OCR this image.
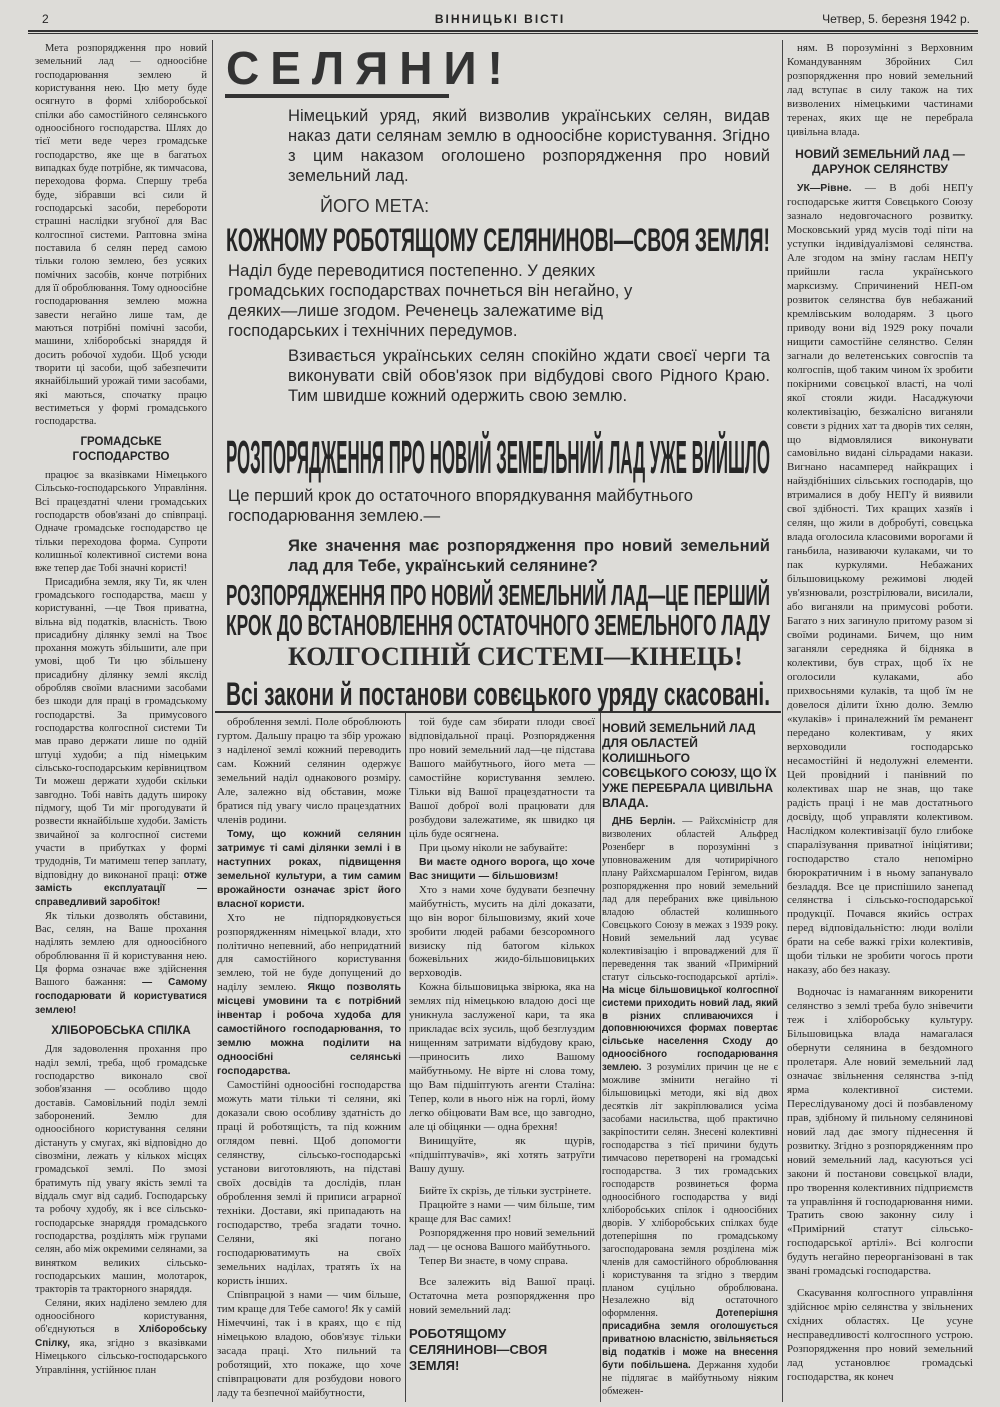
2	ВІННИЦЬКІ ВІСТІ	Четвер, 5. березня 1942 р.
СЕЛЯНИ!
Німецький уряд, який визволив українських селян, видав наказ дати селянам землю в одноосібне користування. Згідно з цим наказом оголошено розпорядження про новий земельний лад.
ЙОГО МЕТА:
КОЖНОМУ РОБОТЯЩОМУ СЕЛЯНИНОВІ—СВОЯ ЗЕМЛЯ!
Наділ буде переводитися постепенно. У деяких громадських господарствах почнеться він негайно, у деяких—лише згодом. Реченець залежатиме від господарських і технічних передумов.
Взивається українських селян спокійно ждати своєї черги та виконувати свій обов'язок при відбудові свого Рідного Краю. Тим швидше кожний одержить свою землю.
РОЗПОРЯДЖЕННЯ ПРО НОВИЙ ЗЕМЕЛЬНИЙ ЛАД УЖЕ ВИЙШЛО
Це перший крок до остаточного впорядкування майбутнього господарювання землею.—
Яке значення має розпорядження про новий земельний лад для Тебе, український селянине?
РОЗПОРЯДЖЕННЯ ПРО НОВИЙ ЗЕМЕЛЬНИЙ ЛАД—ЦЕ ПЕРШИЙ
КРОК ДО ВСТАНОВЛЕННЯ ОСТАТОЧНОГО ЗЕМЕЛЬНОГО ЛАДУ
КОЛГОСПНІЙ СИСТЕМІ—КІНЕЦЬ!
Всі закони й постанови совєцького уряду скасовані.

Мета розпорядження про новий земельний лад — одноосібне господарювання землею й користування нею. Цю мету буде осягнуто в формі хліборобської спілки або самостійного селянського одноосібного господарства. Шлях до тієї мети веде через громадське господарство, яке ще в багатьох випадках буде потрібне, як тимчасова, переходова форма. Спершу треба буде, зібравши всі сили й господарські засоби, перебороти страшні наслідки згубної для Вас колгоспної системи. Раптовна зміна поставила б селян перед самою тільки голою землею, без усяких помічних засобів, конче потрібних для її оброблювання. Тому одноосібне господарювання землею можна завести негайно лише там, де маються потрібні помічні засоби, машини, хліборобські знаряддя й досить робочої худоби. Щоб усюди творити ці засоби, щоб забезпечити якнайбільший урожай тими засобами, які маються, спочатку працю вестиметься у формі громадського господарства.

ГРОМАДСЬКЕ ГОСПОДАРСТВО

працює за вказівками Німецького Сільсько-господарського Управління. Всі працездатні члени громадських господарств обов'язані до співпраці. Одначе громадське господарство це тільки переходова форма. Супроти колишньої колективної системи вона вже тепер дає Тобі значні користі!

Присадибна земля, яку Ти, як член громадського господарства, маєш у користуванні, —це Твоя приватна, вільна від податків, власність. Твою присадибну ділянку землі на Твоє прохання можуть збільшити, але при умові, щоб Ти цю збільшену присадибну ділянку землі якслід обробляв своїми власними засобами без шкоди для праці в громадському господарстві. За примусового господарства колгоспної системи Ти мав право держати лише по одній штуці худоби; а під німецьким сільсько-господарським керівництвом Ти можеш держати худоби скільки завгодно. Тобі навіть дадуть широку підмогу, щоб Ти міг прогодувати й розвести якнайбільше худоби. Замість звичайної за колгоспної системи участи в прибутках у формі трудоднів, Ти матимеш тепер заплату, відповідну до виконаної праці: отже замість експлуатації — справедливий заробіток!

Як тільки дозволять обставини, Вас, селян, на Ваше прохання наділять землею для одноосібного оброблювання її й користування нею. Ця форма означає вже здійснення Вашого бажання: — Самому господарювати й користуватися землею!

ХЛІБОРОБСЬКА СПІЛКА

Для задоволення прохання про наділ землі, треба, щоб громадське господарство виконало свої зобов'язання — особливо щодо доставів. Самовільний поділ землі заборонений. Землю для одноосібного користування селяни дістануть у смугах, які відповідно до сівозміни, лежать у кількох місцях громадської землі. По змозі братимуть під увагу якість землі та віддаль смуг від садиб. Господарську та робочу худобу, як і все сільсько-господарське знаряддя громадського господарства, розділять між групами селян, або між окремими селянами, за винятком великих сільсько-господарських машин, молотарок, тракторів та тракторного знаряддя.

Селяни, яких наділено землею для одноосібного користування, об'єднуються в Хліборобську Спілку, яка, згідно з вказівками Німецького сільсько-господарського Управління, устійнює план

оброблення землі. Поле оброблюють гуртом. Дальшу працю та збір урожаю з наділеної землі кожний переводить сам. Кожний селянин одержує земельний наділ однакового розміру. Але, залежно від обставин, може братися під увагу число працездатних членів родини.

Тому, що кожний селянин затримує ті самі ділянки землі і в наступних роках, підвищення земельної культури, а тим самим врожайности означає зріст його власної користи.

Хто не підпорядковується розпорядженням німецької влади, хто політично непевний, або непридатний для самостійного користування землею, той не буде допущений до наділу землею. Якщо позволять місцеві умовини та є потрібний інвентар і робоча худоба для самостійного господарювання, то землю можна поділити на одноосібні селянські господарства.

Самостійні одноосібні господарства можуть мати тільки ті селяни, які доказали свою особливу здатність до праці й роботящість, та під кожним оглядом певні. Щоб допомогти селянству, сільсько-господарські установи виготовляють, на підставі своїх досвідів та дослідів, план оброблення землі й приписи аграрної техніки. Достави, які припадають на господарство, треба згадати точно. Селяни, які погано господарюватимуть на своїх земельних наділах, тратять їх на користь інших.

Співпрацюй з нами — чим більше, тим краще для Тебе самого! Як у самій Німеччині, так і в краях, що є під німецькою владою, обов'язує тільки засада праці. Хто пильний та роботящий, хто покаже, що хоче співпрацювати для розбудови нового ладу та безпечної майбутности,

той буде сам збирати плоди своєї відповідальної праці. Розпорядження про новий земельний лад—це підстава Вашого майбутнього, його мета — самостійне користування землею. Тільки від Вашої працездатности та Вашої доброї волі працювати для розбудови залежатиме, як швидко ця ціль буде осягнена.

При цьому ніколи не забувайте:

Ви маєте одного ворога, що хоче Вас знищити — більшовизм!

Хто з нами хоче будувати безпечну майбутність, мусить на ділі доказати, що він ворог більшовизму, який хоче зробити людей рабами безсоромного визиску під батогом кількох божевільних жидо-більшовицьких верховодів.

Кожна більшовицька звірюка, яка на землях під німецькою владою досі ще уникнула заслуженої кари, та яка прикладає всіх зусиль, щоб безглуздим нищенням затримати відбудову краю,—приносить лихо Вашому майбутньому. Не вірте ні слова тому, що Вам підшіптують агенти Сталіна: Тепер, коли в нього ніж на горлі, йому легко обіцювати Вам все, що завгодно, але ці обіцянки — одна брехня!

Винищуйте, як щурів, «підшіптувачів», які хотять затруїти Вашу душу.

Бийте їх скрізь, де тільки зустрінете.

Працюйте з нами — чим більше, тим краще для Вас самих!

Розпорядження про новий земельний лад — це основа Вашого майбутнього.

Тепер Ви знаєте, в чому справа.

Все залежить від Вашої праці. Остаточна мета розпорядження про новий земельний лад:

РОБОТЯЩОМУ СЕЛЯНИНОВІ—СВОЯ ЗЕМЛЯ!
НОВИЙ ЗЕМЕЛЬНИЙ ЛАД ДЛЯ ОБЛАСТЕЙ КОЛИШНЬОГО СОВЄЦЬКОГО СОЮЗУ, ЩО ЇХ УЖЕ ПЕРЕБРАЛА ЦИВІЛЬНА ВЛАДА.

ДНБ Берлін. — Райхсміністр для визволених областей Альфред Розенберг в порозумінні з уповноваженим для чотирирічного плану Райхсмаршалом Герінгом, видав розпорядження про новий земельний лад для перебраних вже цивільною владою областей колишнього Совєцького Союзу в межах з 1939 року. Новий земельний лад усуває колективізацію і впроваджений для її переведення так званий «Примірний статут сільсько-господарської артілі». На місце більшовицької колгоспної системи приходить новий лад, який в різних спливаючихся і доповнюючихся формах повертає сільське населення Сходу до одноосібного господарювання землею. З розумілих причин це не є можливе змінити негайно ті більшовицькі методи, які від двох десятків літ закріплювалися усіма засобами насильства, щоб практично закріпостити селян. Знесені колективні господарства з тієї причини будуть тимчасово перетворені на громадські господарства. З тих громадських господарств розвинеться форма одноосібного господарства у виді хліборобських спілок і одноосібних дворів. У хліборобських спілках буде дотеперішня по громадському загосподарована земля розділена між членів для самостійного оброблювання і користування та згідно з твердим планом суцільно оброблювана. Незалежно від остаточного оформлення. Дотеперішня присадибна земля оголошується приватною власністю, звільняється від податків і може на внесення бути побільшена. Держання худоби не підлягає в майбутньому ніяким обмежен-

ням. В порозумінні з Верховним Командуванням Збройних Сил розпорядження про новий земельний лад вступає в силу також на тих визволених німецькими частинами теренах, яких ще не перебрала цивільна влада.

НОВИЙ ЗЕМЕЛЬНИЙ ЛАД — ДАРУНОК СЕЛЯНСТВУ

УК—Рівне. — В добі НЕП'у господарське життя Совєцького Союзу зазнало недовгочасного розвитку. Московський уряд мусів тоді піти на уступки індивідуалізмові селянства. Але згодом на зміну гаслам НЕП'у прийшли гасла українського марксизму. Спричинений НЕП-ом розвиток селянства був небажаний кремлівським володарям. З цього приводу вони від 1929 року почали нищити самостійне селянство. Селян загнали до велетенських совгоспів та колгоспів, щоб таким чином їх зробити покірними совєцької власті, на чолі якої стояли жиди. Насаджуючи колективізацію, безжалісно виганяли совєти з рідних хат та дворів тих селян, що відмовлялися виконувати самовільно видані сільрадами накази. Вигнано насамперед найкращих і найздібніших сільських господарів, що втрималися в добу НЕП'у й виявили свої здібності. Тих кращих хазяїв і селян, що жили в добробуті, совєцька влада оголосила класовими ворогами й ганьбила, називаючи кулаками, чи то пак куркулями. Небажаних більшовицькому режимові людей ув'язнювали, розстрілювали, висилали, або виганяли на примусові роботи. Багато з них загинуло притому разом зі своїми родинами. Бичем, що ним заганяли середняка й бідняка в колективи, був страх, щоб їх не оголосили кулаками, або прихвосьнями кулаків, та щоб їм не довелося ділити їхню долю. Землю «кулаків» і приналежний їм реманент передано колективам, у яких верховодили господарсько несамостійні й недолужні елементи. Цей провідний і панівний по колективах шар не знав, що таке радість праці і не мав достатнього досвіду, щоб управляти колективом. Наслідком колективізації було глибоке спаралізування приватної ініціятиви; господарство стало непомірно бюрократичним і в ньому запанувало безладдя. Все це приспішило занепад селянства і сільсько-господарської продукції. Почався якийсь острах перед відповідальністю: люди воліли брати на себе важкі гріхи колективів, щоби тільки не зробити чогось проти наказу, або без наказу.

Водночас із намаганням викоренити селянство з землі треба було знівечити теж і хліборобську культуру. Більшовицька влада намагалася обернути селянина в бездомного пролетаря. Але новий земельний лад означає звільнення селянства з-під ярма колективної системи. Переслідуваному досі й позбавленому прав, здібному й пильному селянинові новий лад дає змогу піднесення й розвитку. Згідно з розпорядженням про новий земельний лад, касуються усі закони й постанови совєцької влади, про творення колективних підприємств та управління й господарювання ними. Тратить свою законну силу і «Примірний статут сільсько-господарської артілі». Всі колгоспи будуть негайно переорганізовані в так звані громадські господарства.

Скасування колгоспного управління здійснює мрію селянства у звільнених східних областях. Це усуне несправедливості колгоспного устрою. Розпорядження про новий земельний лад установлює громадські господарства, як конеч
